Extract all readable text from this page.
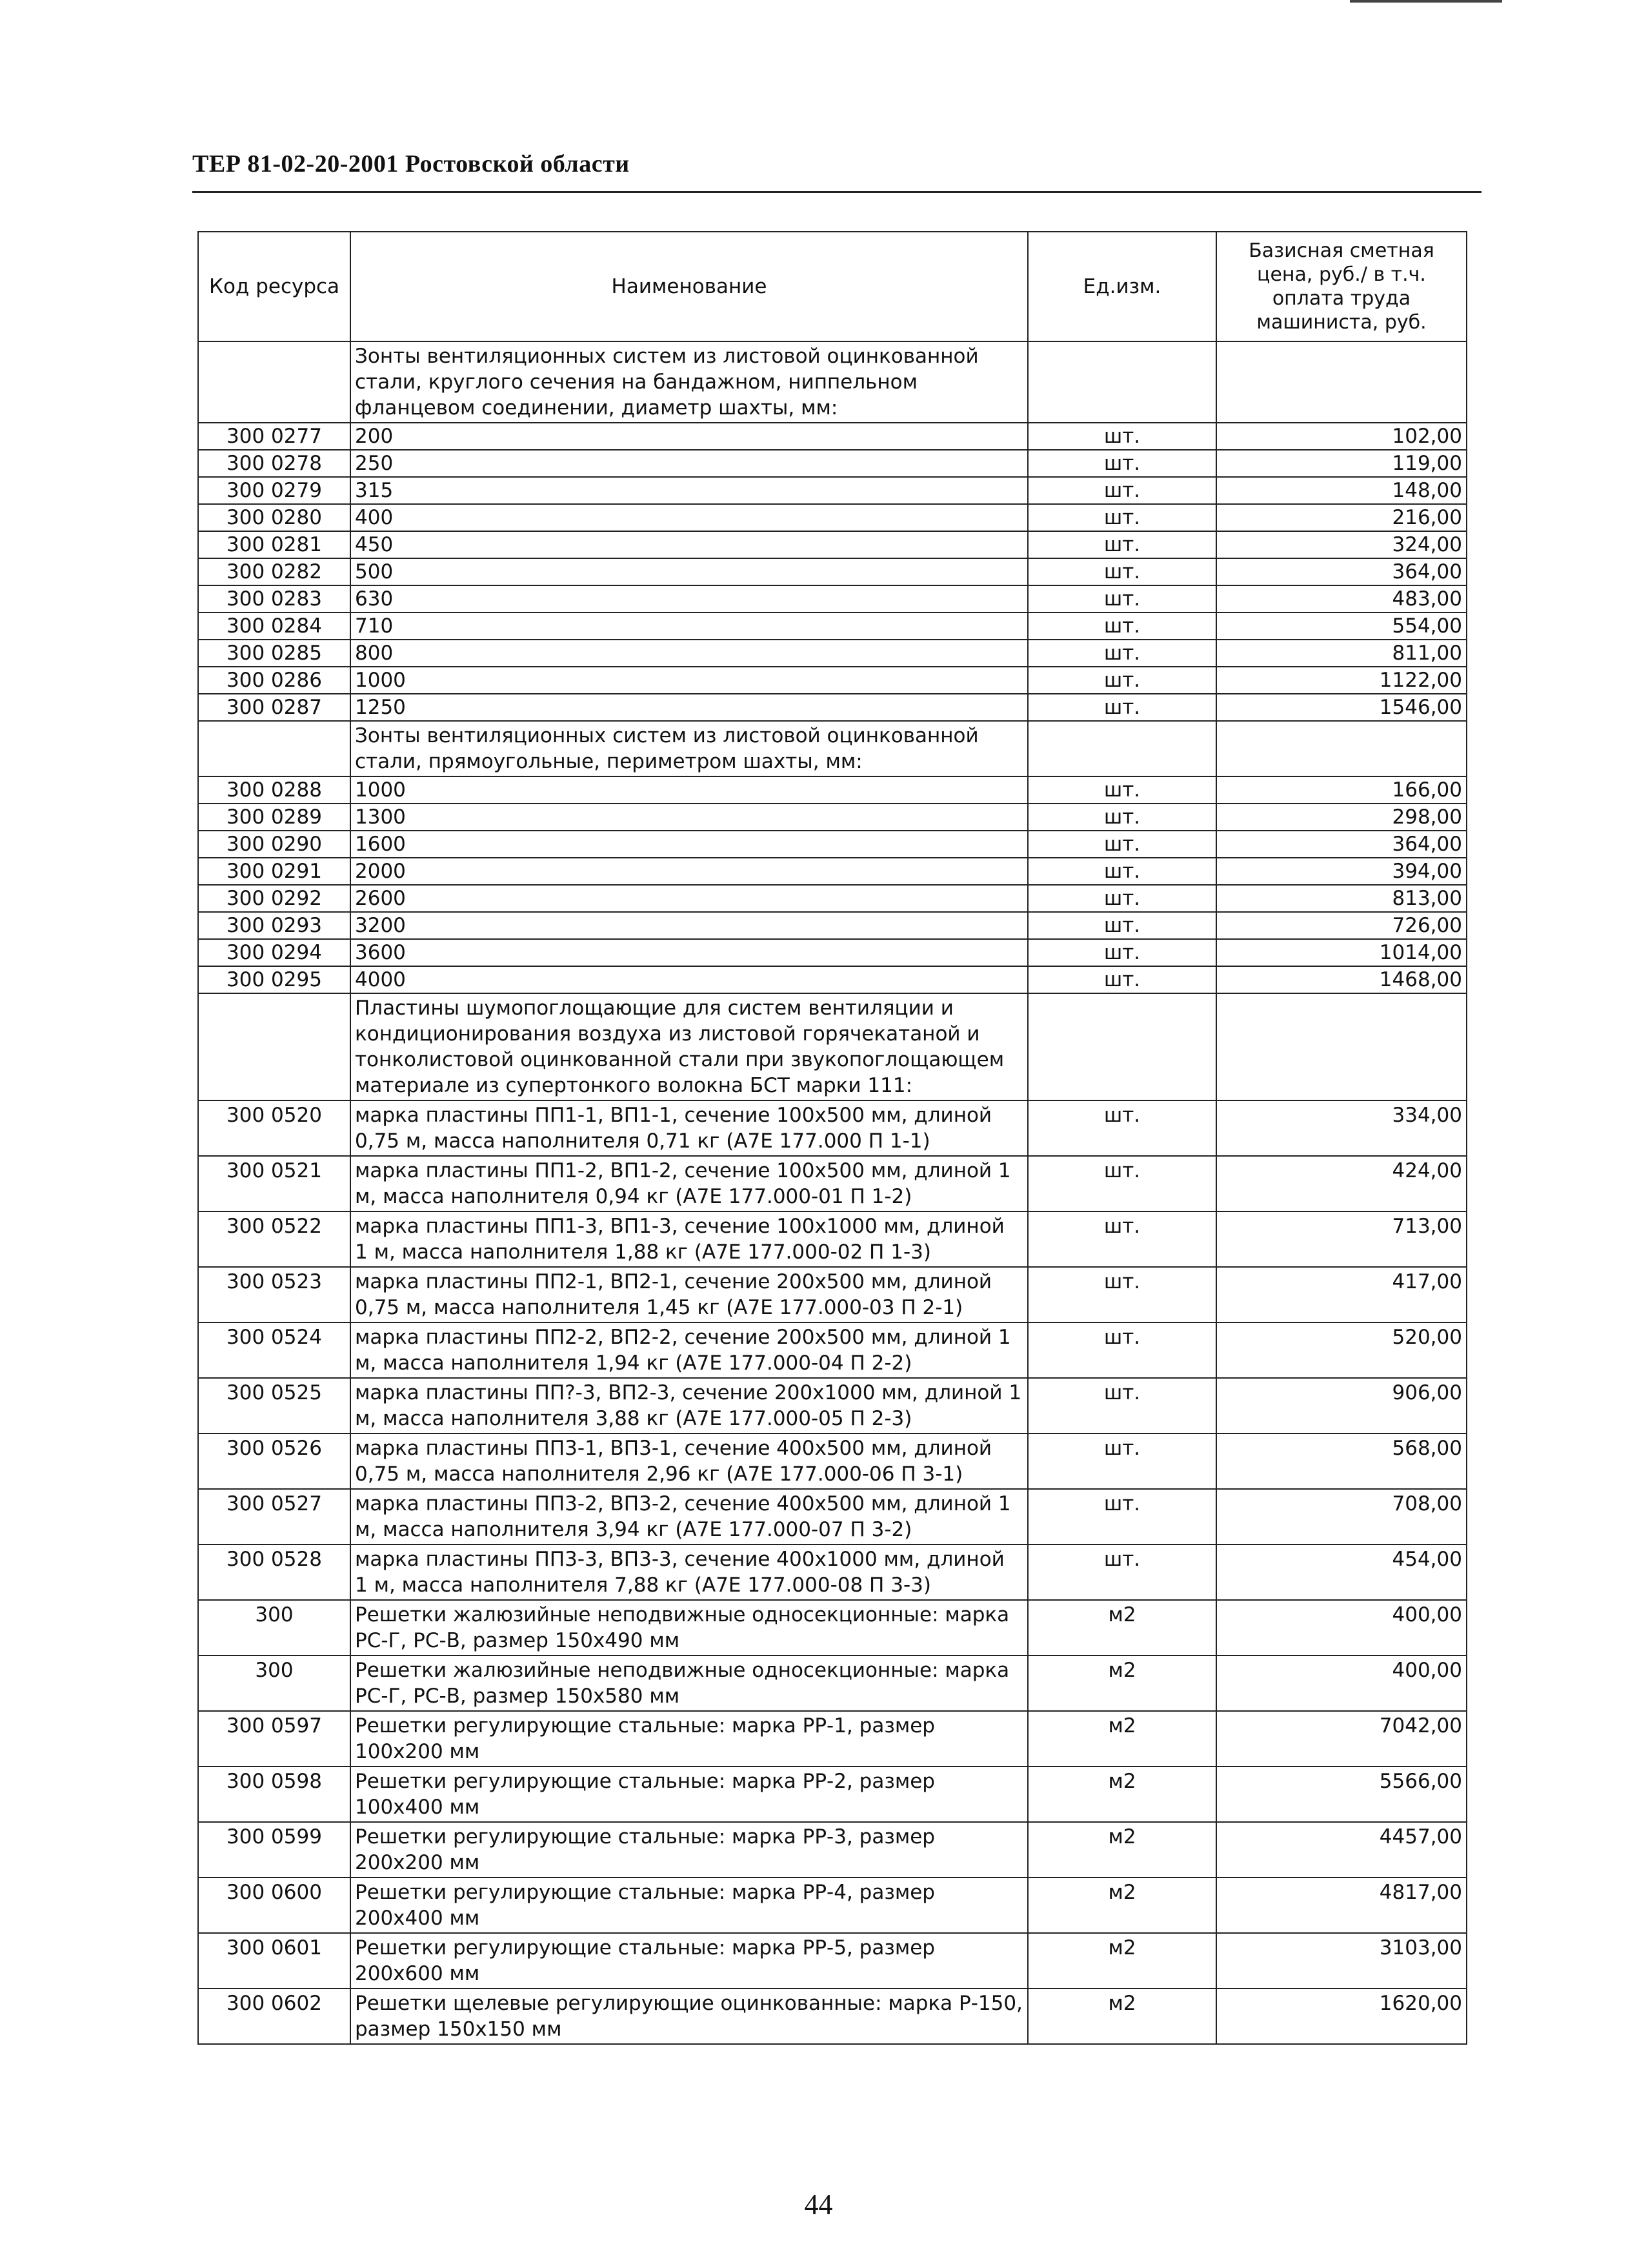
ТЕР 81-02-20-2001 Ростовской области
Код ресурса	Наименование	Ед.изм.	Базисная сметная цена, руб./ в т.ч. оплата труда машиниста, руб.
	Зонты вентиляционных систем из листовой оцинкованной стали, круглого сечения на бандажном, ниппельном фланцевом соединении, диаметр шахты, мм:		
300 0277	200	шт.	102,00
300 0278	250	шт.	119,00
300 0279	315	шт.	148,00
300 0280	400	шт.	216,00
300 0281	450	шт.	324,00
300 0282	500	шт.	364,00
300 0283	630	шт.	483,00
300 0284	710	шт.	554,00
300 0285	800	шт.	811,00
300 0286	1000	шт.	1122,00
300 0287	1250	шт.	1546,00
	Зонты вентиляционных систем из листовой оцинкованной стали, прямоугольные, периметром шахты, мм:		
300 0288	1000	шт.	166,00
300 0289	1300	шт.	298,00
300 0290	1600	шт.	364,00
300 0291	2000	шт.	394,00
300 0292	2600	шт.	813,00
300 0293	3200	шт.	726,00
300 0294	3600	шт.	1014,00
300 0295	4000	шт.	1468,00
	Пластины шумопоглощающие для систем вентиляции и кондиционирования воздуха из листовой горячекатаной и тонколистовой оцинкованной стали при звукопоглощающем материале из супертонкого волокна БСТ марки 111:		
300 0520	марка пластины ПП1-1, ВП1-1, сечение 100х500 мм, длиной 0,75 м, масса наполнителя 0,71 кг (А7Е 177.000 П 1-1)	шт.	334,00
300 0521	марка пластины ПП1-2, ВП1-2, сечение 100х500 мм, длиной 1 м, масса наполнителя 0,94 кг (А7Е 177.000-01 П 1-2)	шт.	424,00
300 0522	марка пластины ПП1-3, ВП1-3, сечение 100х1000 мм, длиной 1 м, масса наполнителя 1,88 кг (А7Е 177.000-02 П 1-3)	шт.	713,00
300 0523	марка пластины ПП2-1, ВП2-1, сечение 200х500 мм, длиной 0,75 м, масса наполнителя 1,45 кг (А7Е 177.000-03 П 2-1)	шт.	417,00
300 0524	марка пластины ПП2-2, ВП2-2, сечение 200х500 мм, длиной 1 м, масса наполнителя 1,94 кг (А7Е 177.000-04 П 2-2)	шт.	520,00
300 0525	марка пластины ПП?-3, ВП2-3, сечение 200х1000 мм, длиной 1 м, масса наполнителя 3,88 кг (А7Е 177.000-05 П 2-3)	шт.	906,00
300 0526	марка пластины ПП3-1, ВП3-1, сечение 400х500 мм, длиной 0,75 м, масса наполнителя 2,96 кг (А7Е 177.000-06 П 3-1)	шт.	568,00
300 0527	марка пластины ПП3-2, ВП3-2, сечение 400х500 мм, длиной 1 м, масса наполнителя 3,94 кг (А7Е 177.000-07 П 3-2)	шт.	708,00
300 0528	марка пластины ПП3-3, ВП3-3, сечение 400х1000 мм, длиной 1 м, масса наполнителя 7,88 кг (А7Е 177.000-08 П 3-3)	шт.	454,00
300	Решетки жалюзийные неподвижные односекционные: марка РС-Г, РС-В, размер 150х490 мм	м2	400,00
300	Решетки жалюзийные неподвижные односекционные: марка РС-Г, РС-В, размер 150х580 мм	м2	400,00
300 0597	Решетки регулирующие стальные: марка РР-1, размер 100х200 мм	м2	7042,00
300 0598	Решетки регулирующие стальные: марка РР-2, размер 100х400 мм	м2	5566,00
300 0599	Решетки регулирующие стальные: марка РР-3, размер 200х200 мм	м2	4457,00
300 0600	Решетки регулирующие стальные: марка РР-4, размер 200х400 мм	м2	4817,00
300 0601	Решетки регулирующие стальные: марка РР-5, размер 200х600 мм	м2	3103,00
300 0602	Решетки щелевые регулирующие оцинкованные: марка Р-150, размер 150х150 мм	м2	1620,00
44
